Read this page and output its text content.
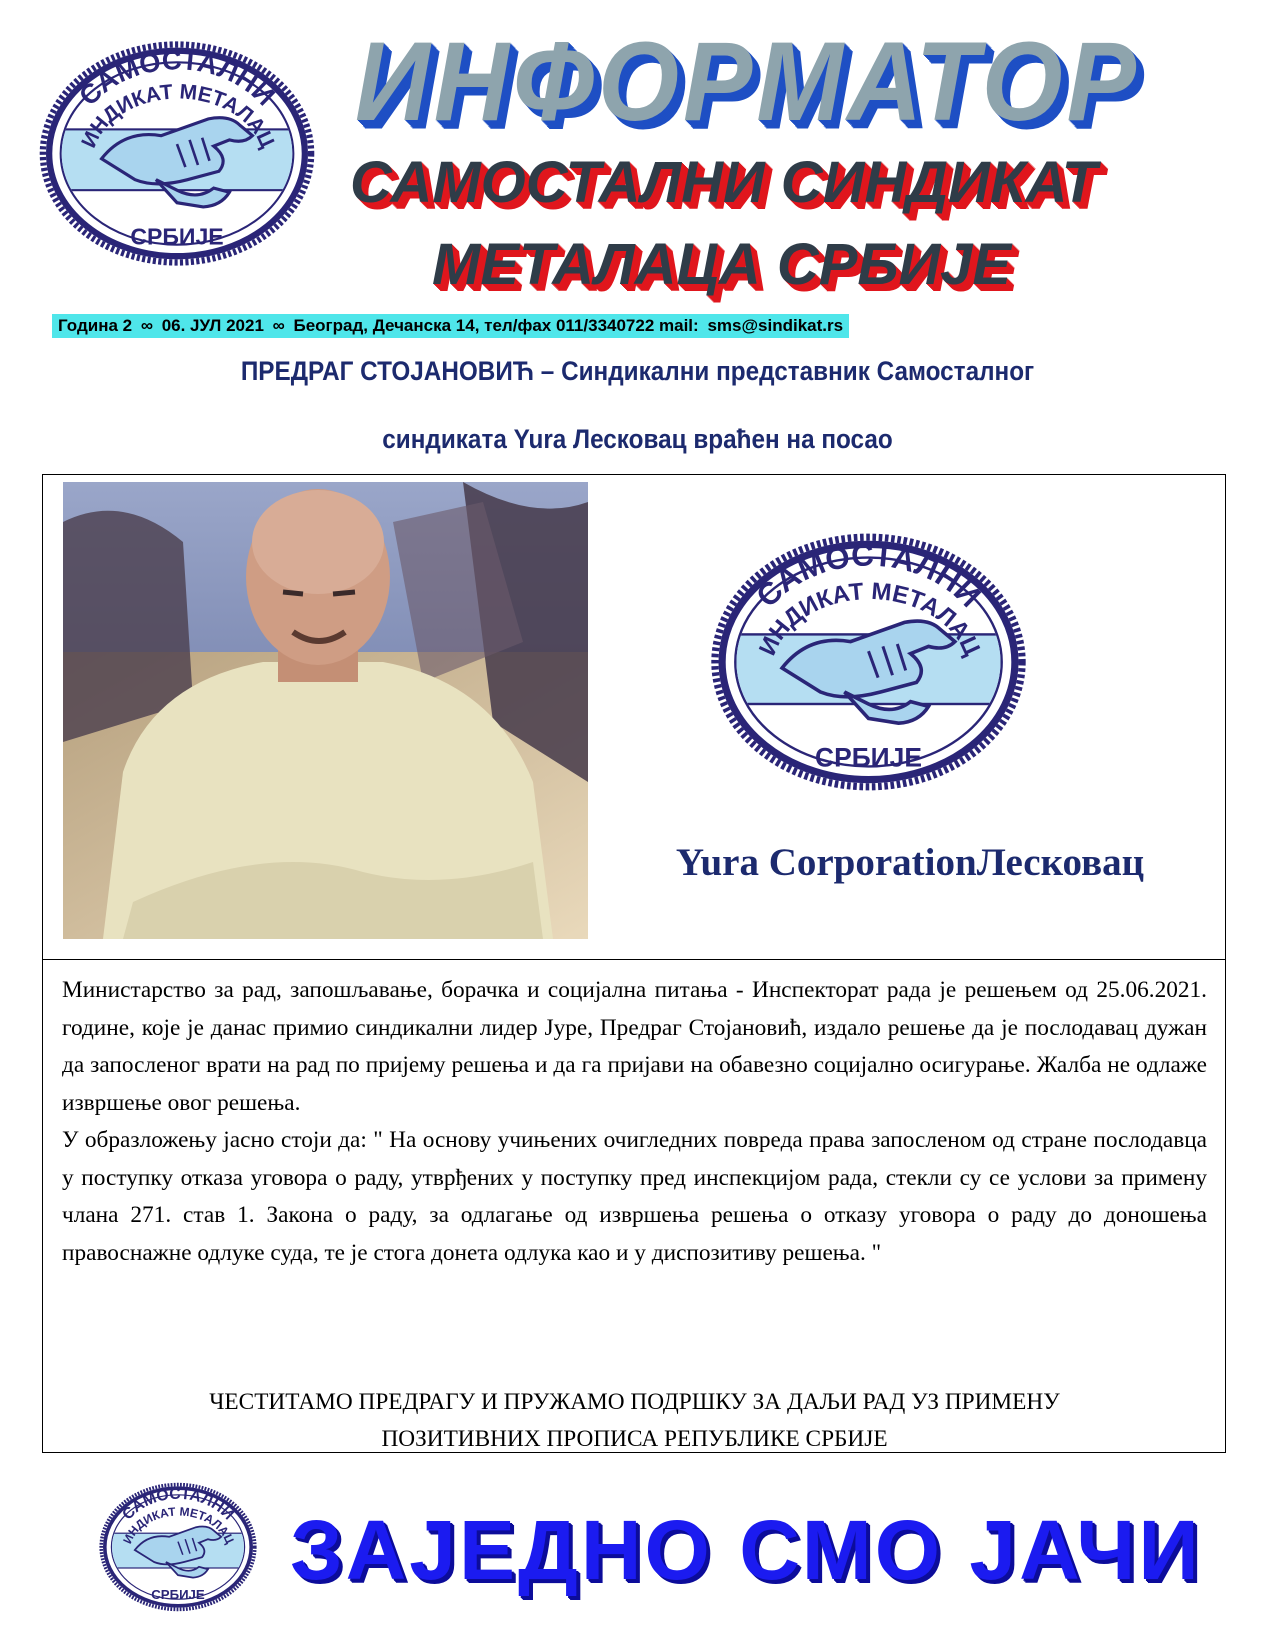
ИНФОРМАТОР
САМОСТАЛНИ СИНДИКАТ
МЕТАЛАЦА СРБИЈЕ
Година 2 ∞ 06. ЈУЛ 2021 ∞ Београд, Дечанска 14, тел/фах 011/3340722 mail: sms@sindikat.rs
ПРЕДРАГ СТОЈАНОВИЋ – Синдикални представник Самосталног
синдиката Yura Лесковац враћен на посао
Yura CorporationЛесковац

Министарство за рад, запошљавање, борачка и социјална питања - Инспекторат рада је решењем од 25.06.2021. године, које је данас примио синдикални лидер Јуре, Предраг Стојановић, издало решење да је послодавац дужан да запосленог врати на рад по пријему решења и да га пријави на обавезно социјално осигурање. Жалба не одлаже извршење овог решења.

У образложењу јасно стоји да: " На основу учињених очигледних повреда права запосленом од стране послодавца у поступку отказа уговора о раду, утврђених у поступку пред инспекцијом рада, стекли су се услови за примену члана 271. став 1. Закона о раду, за одлагање од извршења решења о отказу уговора о раду до доношења правоснажне одлуке суда, те је стога донета одлука као и у диспозитиву решења. "

ЧЕСТИТАМО ПРЕДРАГУ И ПРУЖАМО ПОДРШКУ ЗА ДАЉИ РАД УЗ ПРИМЕНУ
ПОЗИТИВНИХ ПРОПИСА РЕПУБЛИКЕ СРБИЈЕ
ЗАЈЕДНО СМО ЈАЧИ
